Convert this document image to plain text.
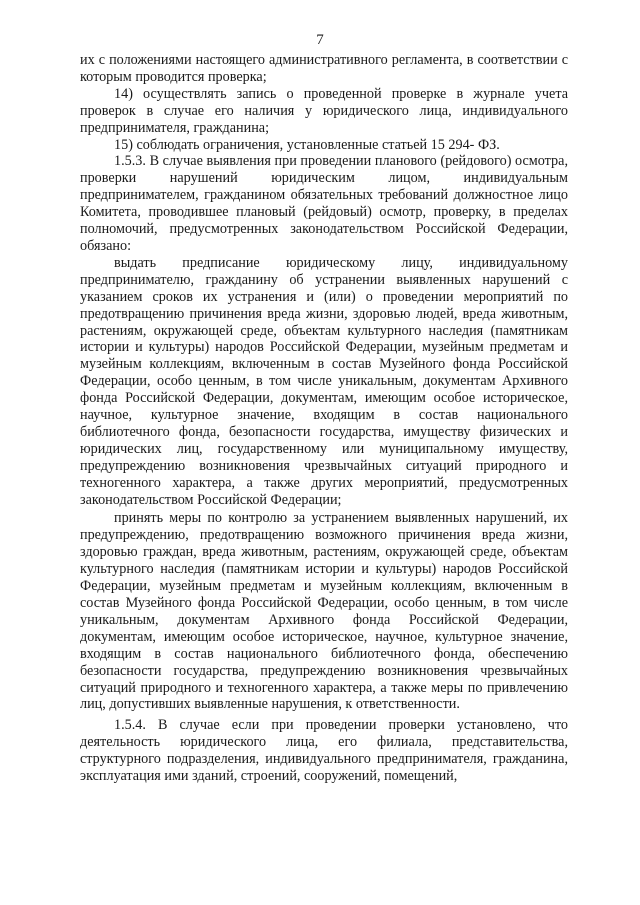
7

их с положениями настоящего административного регламента, в соответствии с которым проводится проверка;

14) осуществлять запись о проведенной проверке в журнале учета проверок в случае его наличия у юридического лица, индивидуального предпринимателя, гражданина;

15) соблюдать ограничения, установленные статьей 15 294- ФЗ.

1.5.3. В случае выявления при проведении планового (рейдового) осмотра, проверки нарушений юридическим лицом, индивидуальным предпринимателем, гражданином обязательных требований должностное лицо Комитета, проводившее плановый (рейдовый) осмотр, проверку, в пределах полномочий, предусмотренных законодательством Российской Федерации, обязано:

выдать предписание юридическому лицу, индивидуальному предпринимателю, гражданину об устранении выявленных нарушений с указанием сроков их устранения и (или) о проведении мероприятий по предотвращению причинения вреда жизни, здоровью людей, вреда животным, растениям, окружающей среде, объектам культурного наследия (памятникам истории и культуры) народов Российской Федерации, музейным предметам и музейным коллекциям, включенным в состав Музейного фонда Российской Федерации, особо ценным, в том числе уникальным, документам Архивного фонда Российской Федерации, документам, имеющим особое историческое, научное, культурное значение, входящим в состав национального библиотечного фонда, безопасности государства, имуществу физических и юридических лиц, государственному или муниципальному имуществу, предупреждению возникновения чрезвычайных ситуаций природного и техногенного характера, а также других мероприятий, предусмотренных законодательством Российской Федерации;

принять меры по контролю за устранением выявленных нарушений, их предупреждению, предотвращению возможного причинения вреда жизни, здоровью граждан, вреда животным, растениям, окружающей среде, объектам культурного наследия (памятникам истории и культуры) народов Российской Федерации, музейным предметам и музейным коллекциям, включенным в состав Музейного фонда Российской Федерации, особо ценным, в том числе уникальным, документам Архивного фонда Российской Федерации, документам, имеющим особое историческое, научное, культурное значение, входящим в состав национального библиотечного фонда, обеспечению безопасности государства, предупреждению возникновения чрезвычайных ситуаций природного и техногенного характера, а также меры по привлечению лиц, допустивших выявленные нарушения, к ответственности.

1.5.4. В случае если при проведении проверки установлено, что деятельность юридического лица, его филиала, представительства, структурного подразделения, индивидуального предпринимателя, гражданина, эксплуатация ими зданий, строений, сооружений, помещений,
